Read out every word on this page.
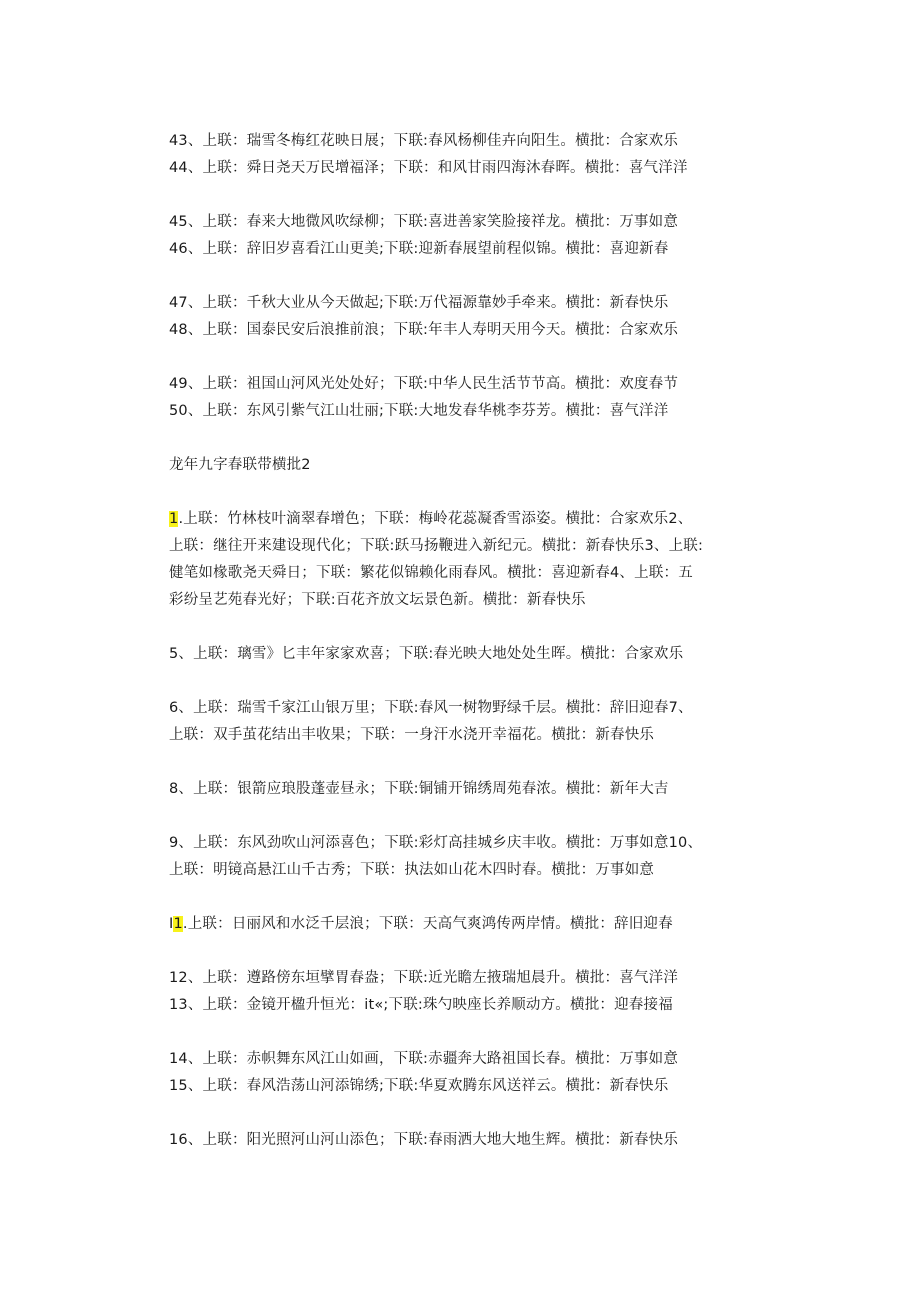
43、上联：瑞雪冬梅红花映日展；下联:春风杨柳佳卉向阳生。横批：合家欢乐
44、上联：舜日尧天万民增福泽；下联：和风甘雨四海沐春晖。横批：喜气洋洋
45、上联：春来大地微风吹绿柳；下联:喜进善家笑脸接祥龙。横批：万事如意
46、上联：辞旧岁喜看江山更美;下联:迎新春展望前程似锦。横批：喜迎新春
47、上联：千秋大业从今天做起;下联:万代福源靠妙手牵来。横批：新春快乐
48、上联：国泰民安后浪推前浪；下联:年丰人寿明天用今天。横批：合家欢乐
49、上联：祖国山河风光处处好；下联:中华人民生活节节高。横批：欢度春节
50、上联：东风引紫气江山壮丽;下联:大地发春华桃李芬芳。横批：喜气洋洋
龙年九字春联带横批2
1.上联：竹林枝叶滴翠春增色；下联：梅岭花蕊凝香雪添姿。横批：合家欢乐2、
上联：继往开来建设现代化；下联:跃马扬鞭进入新纪元。横批：新春快乐3、上联:
健笔如椽歌尧天舜日；下联：繁花似锦赖化雨春风。横批：喜迎新春4、上联：五
彩纷呈艺苑春光好；下联:百花齐放文坛景色新。横批：新春快乐
5、上联：璃雪》匕丰年家家欢喜；下联:春光映大地处处生晖。横批：合家欢乐
6、上联：瑞雪千家江山银万里；下联:春风一树物野绿千层。横批：辞旧迎春7、
上联：双手茧花结出丰收果；下联：一身汗水浇开幸福花。横批：新春快乐
8、上联：银箭应琅股蓬壶昼永；下联:铜铺开锦绣周苑春浓。横批：新年大吉
9、上联：东风劲吹山河添喜色；下联:彩灯高挂城乡庆丰收。横批：万事如意10、
上联：明镜高悬江山千古秀；下联：执法如山花木四时春。横批：万事如意
I1.上联：日丽风和水泛千层浪；下联：天高气爽鸿传两岸情。横批：辞旧迎春
12、上联：遵路傍东垣擘胃春盎；下联:近光瞻左掖瑞旭晨升。横批：喜气洋洋
13、上联：金镜开楹升恒光：it«;下联:珠勺映座长养顺动方。横批：迎春接福
14、上联：赤帜舞东风江山如画，下联:赤疆奔大路祖国长春。横批：万事如意
15、上联：春风浩荡山河添锦绣;下联:华夏欢腾东风送祥云。横批：新春快乐
16、上联：阳光照河山河山添色；下联:春雨洒大地大地生辉。横批：新春快乐
